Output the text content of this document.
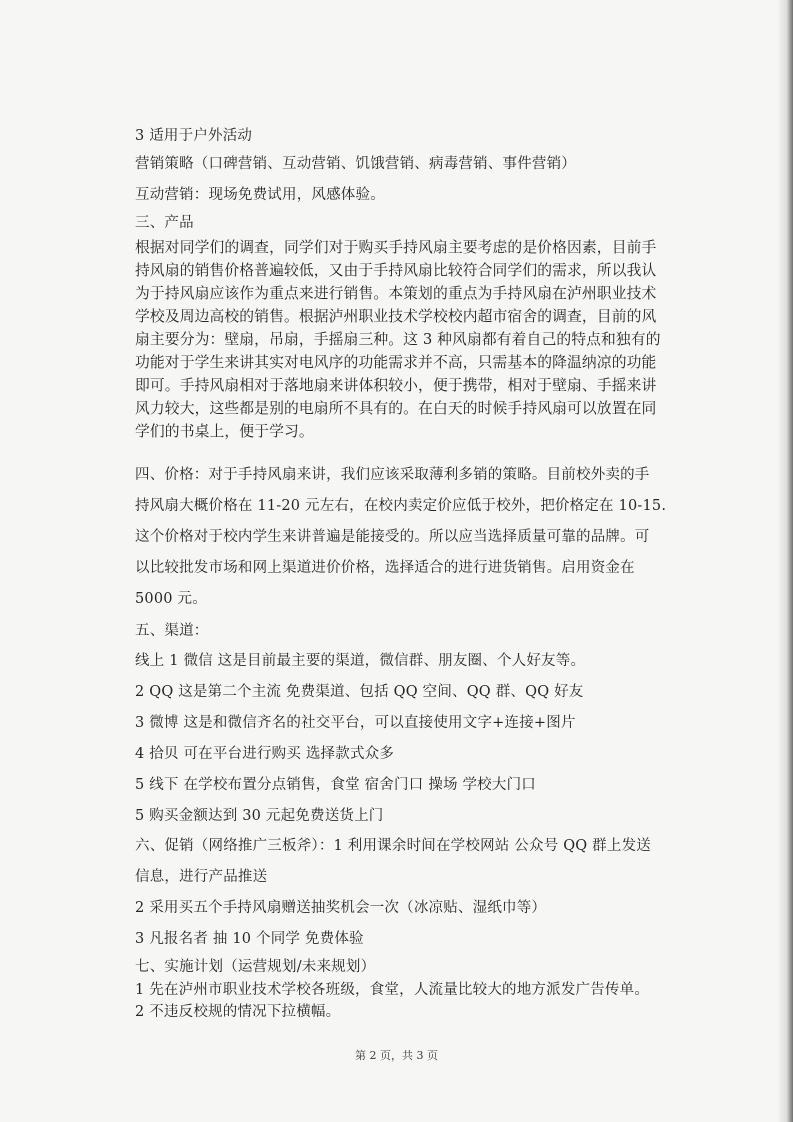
3 适用于户外活动
营销策略（口碑营销、互动营销、饥饿营销、病毒营销、事件营销）
互动营销：现场免费试用，风感体验。
三、产品
根据对同学们的调查，同学们对于购买手持风扇主要考虑的是价格因素，目前手
持风扇的销售价格普遍较低，又由于手持风扇比较符合同学们的需求，所以我认
为于持风扇应该作为重点来进行销售。本策划的重点为手持风扇在泸州职业技术
学校及周边高校的销售。根据泸州职业技术学校校内超市宿舍的调查，目前的风
扇主要分为：壁扇，吊扇，手摇扇三种。这 3 种风扇都有着自己的特点和独有的
功能对于学生来讲其实对电风序的功能需求并不高，只需基本的降温纳凉的功能
即可。手持风扇相对于落地扇来讲体积较小，便于携带，相对于壁扇、手摇来讲
风力较大，这些都是别的电扇所不具有的。在白天的时候手持风扇可以放置在同
学们的书桌上，便于学习。
四、价格：对于手持风扇来讲，我们应该采取薄利多销的策略。目前校外卖的手
持风扇大概价格在 11-20 元左右，在校内卖定价应低于校外，把价格定在 10-15.
这个价格对于校内学生来讲普遍是能接受的。所以应当选择质量可靠的品牌。可
以比较批发市场和网上渠道进价价格，选择适合的进行进货销售。启用资金在
5000 元。
五、渠道：
线上 1 微信 这是目前最主要的渠道，微信群、朋友圈、个人好友等。
2 QQ 这是第二个主流 免费渠道、包括 QQ 空间、QQ 群、QQ 好友
3 微博 这是和微信齐名的社交平台，可以直接使用文字+连接+图片
4 拾贝 可在平台进行购买 选择款式众多
5 线下 在学校布置分点销售，食堂 宿舍门口 操场 学校大门口
5 购买金额达到 30 元起免费送货上门
六、促销（网络推广三板斧）：1 利用课余时间在学校网站 公众号 QQ 群上发送
信息，进行产品推送
2 采用买五个手持风扇赠送抽奖机会一次（冰凉贴、湿纸巾等）
3 凡报名者 抽 10 个同学 免费体验
七、实施计划（运营规划/未来规划）
1 先在泸州市职业技术学校各班级，食堂，人流量比较大的地方派发广告传单。
2 不违反校规的情况下拉横幅。
第 2 页，共 3 页
